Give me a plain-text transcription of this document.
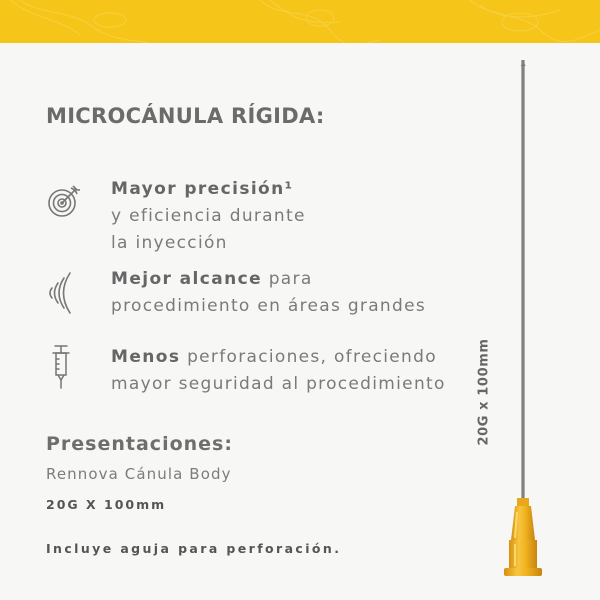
MICROCÁNULA RÍGIDA:
Mayor precisión¹
y eficiencia durante
la inyección
Mejor alcance para
procedimiento en áreas grandes
Menos perforaciones, ofreciendo
mayor seguridad al procedimiento
Presentaciones:
Rennova Cánula Body
20G X 100mm
Incluye aguja para perforación.
20G x 100mm
